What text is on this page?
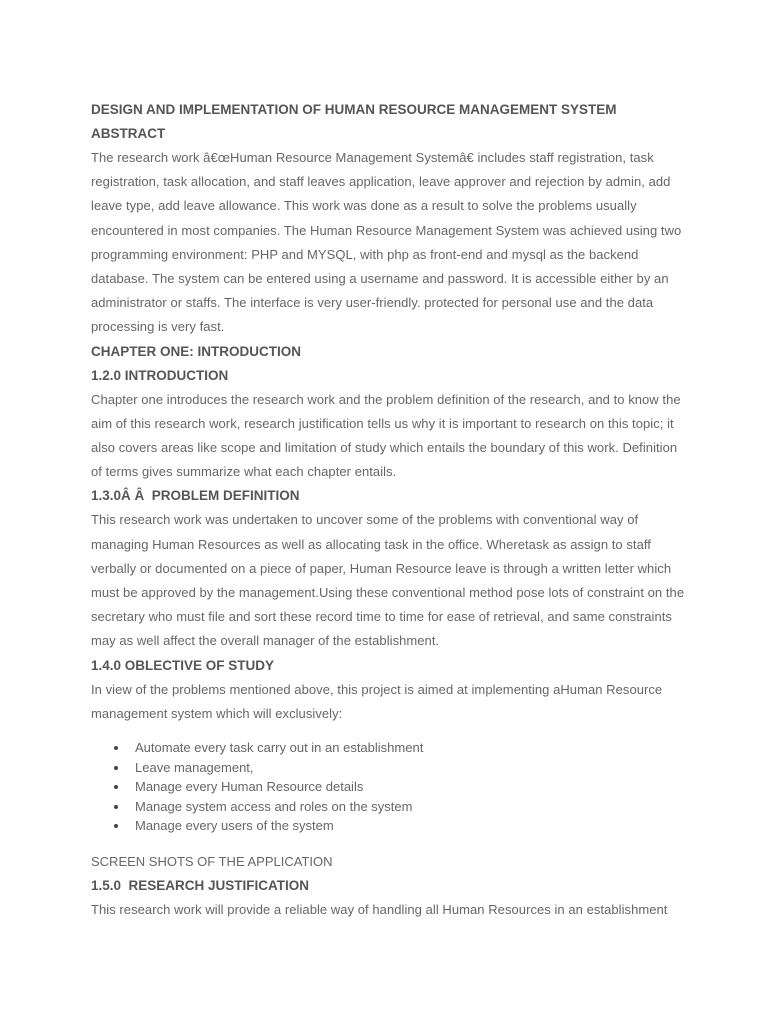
DESIGN AND IMPLEMENTATION OF HUMAN RESOURCE MANAGEMENT SYSTEM
ABSTRACT

The research work â€œHuman Resource Management Systemâ€ includes staff registration, task registration, task allocation, and staff leaves application, leave approver and rejection by admin, add leave type, add leave allowance. This work was done as a result to solve the problems usually encountered in most companies. The Human Resource Management System was achieved using two programming environment: PHP and MYSQL, with php as front-end and mysql as the backend database. The system can be entered using a username and password. It is accessible either by an administrator or staffs. The interface is very user-friendly. protected for personal use and the data processing is very fast.

CHAPTER ONE: INTRODUCTION
1.2.0 INTRODUCTION

Chapter one introduces the research work and the problem definition of the research, and to know the aim of this research work, research justification tells us why it is important to research on this topic; it also covers areas like scope and limitation of study which entails the boundary of this work. Definition of terms gives summarize what each chapter entails.

1.3.0Â Â  PROBLEM DEFINITION

This research work was undertaken to uncover some of the problems with conventional way of managing Human Resources as well as allocating task in the office. Wheretask as assign to staff verbally or documented on a piece of paper, Human Resource leave is through a written letter which must be approved by the management.Using these conventional method pose lots of constraint on the secretary who must file and sort these record time to time for ease of retrieval, and same constraints may as well affect the overall manager of the establishment.

1.4.0 OBLECTIVE OF STUDY

In view of the problems mentioned above, this project is aimed at implementing aHuman Resource management system which will exclusively:

Automate every task carry out in an establishment
Leave management,
Manage every Human Resource details
Manage system access and roles on the system
Manage every users of the system

SCREEN SHOTS OF THE APPLICATION

1.5.0  RESEARCH JUSTIFICATION

This research work will provide a reliable way of handling all Human Resources in an establishment
